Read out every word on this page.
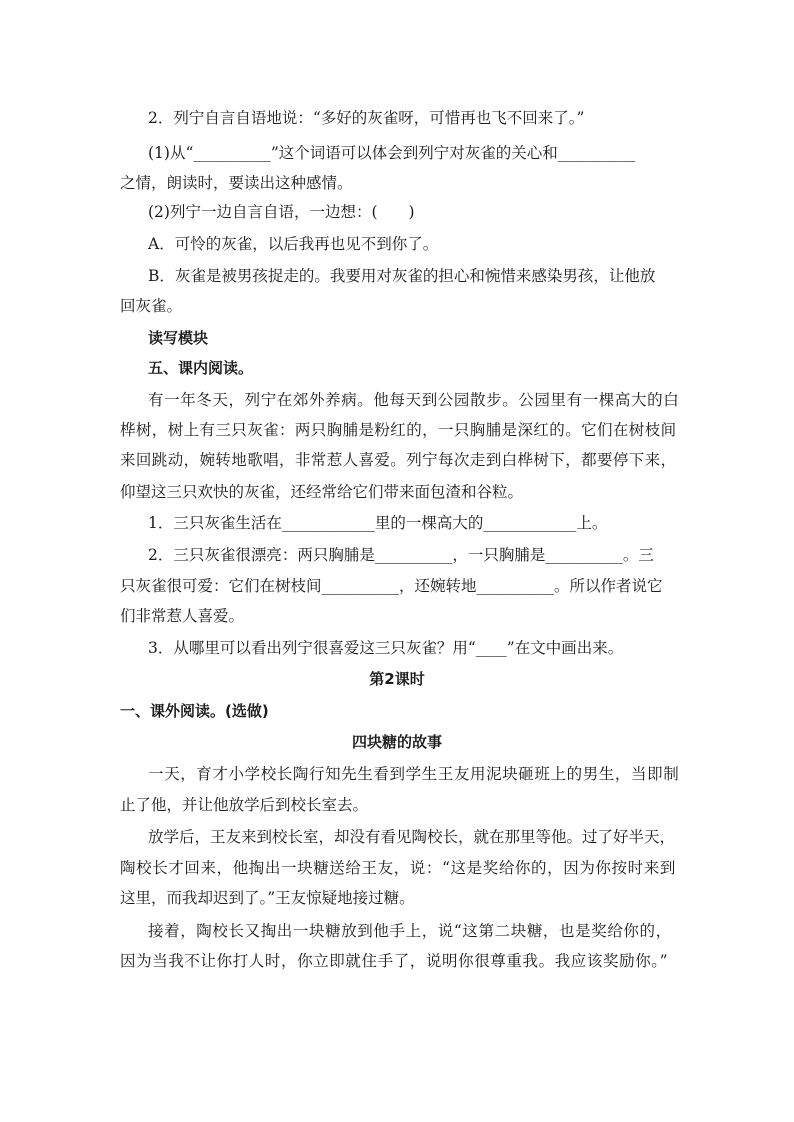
2．列宁自言自语地说：“多好的灰雀呀，可惜再也飞不回来了。”
(1)从“__________”这个词语可以体会到列宁对灰雀的关心和__________
之情，朗读时，要读出这种感情。
(2)列宁一边自言自语，一边想：(　　)
A．可怜的灰雀，以后我再也见不到你了。
B．灰雀是被男孩捉走的。我要用对灰雀的担心和惋惜来感染男孩，让他放
回灰雀。
读写模块
五、课内阅读。
有一年冬天，列宁在郊外养病。他每天到公园散步。公园里有一棵高大的白
桦树，树上有三只灰雀：两只胸脯是粉红的，一只胸脯是深红的。它们在树枝间
来回跳动，婉转地歌唱，非常惹人喜爱。列宁每次走到白桦树下，都要停下来，
仰望这三只欢快的灰雀，还经常给它们带来面包渣和谷粒。
1．三只灰雀生活在____________里的一棵高大的____________上。
2．三只灰雀很漂亮：两只胸脯是__________，一只胸脯是__________。三
只灰雀很可爱：它们在树枝间__________，还婉转地__________。所以作者说它
们非常惹人喜爱。
3．从哪里可以看出列宁很喜爱这三只灰雀？用“____”在文中画出来。
第2课时
一、课外阅读。(选做)
四块糖的故事
一天，育才小学校长陶行知先生看到学生王友用泥块砸班上的男生，当即制
止了他，并让他放学后到校长室去。
放学后，王友来到校长室，却没有看见陶校长，就在那里等他。过了好半天，
陶校长才回来，他掏出一块糖送给王友，说：“这是奖给你的，因为你按时来到
这里，而我却迟到了。”王友惊疑地接过糖。
接着，陶校长又掏出一块糖放到他手上，说“这第二块糖，也是奖给你的，
因为当我不让你打人时，你立即就住手了，说明你很尊重我。我应该奖励你。”
